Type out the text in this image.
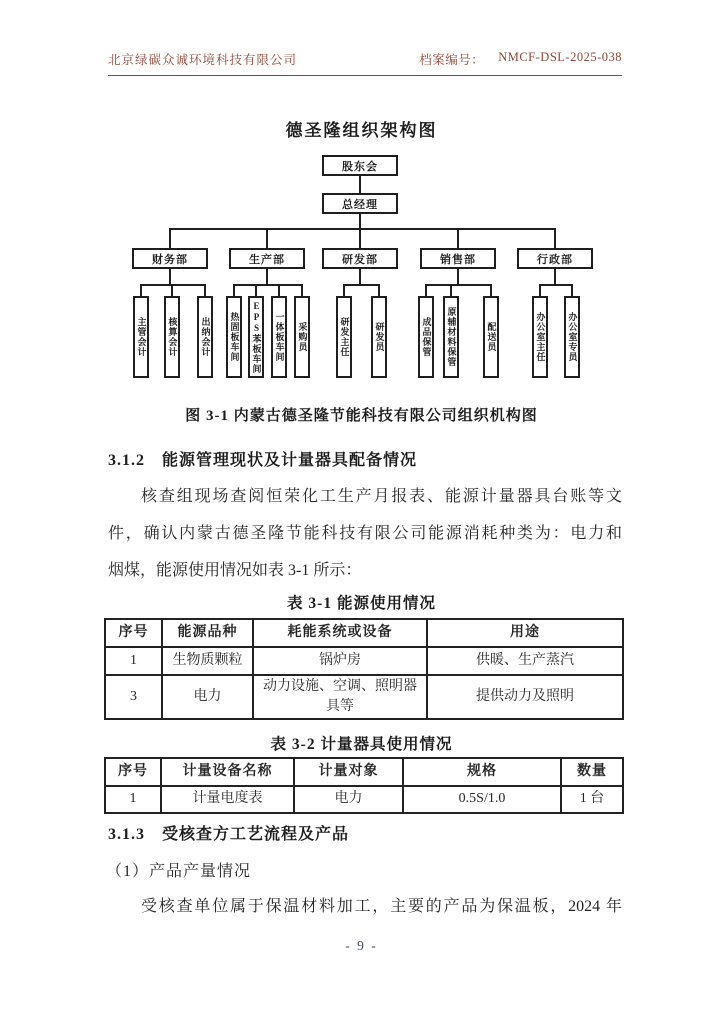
北京绿碳众诚环境科技有限公司	档案编号： NMCF-DSL-2025-038
德圣隆组织架构图
股东会
总经理
财务部	生产部	研发部	销售部	行政部
主管会计	核算会计	出纳会计	热固板车间	EPS苯板车间	一体板车间	采购员	研发主任	研发员	成品保管	原辅材料保管	配送员	办公室主任	办公室专员
图 3-1 内蒙古德圣隆节能科技有限公司组织机构图
3.1.2　能源管理现状及计量器具配备情况
核查组现场查阅恒荣化工生产月报表、能源计量器具台账等文
件，确认内蒙古德圣隆节能科技有限公司能源消耗种类为：电力和
烟煤，能源使用情况如表 3-1 所示：
表 3-1 能源使用情况
序号	能源品种	耗能系统或设备	用途
1	生物质颗粒	锅炉房	供暖、生产蒸汽
3	电力	动力设施、空调、照明器具等	提供动力及照明
表 3-2 计量器具使用情况
序号	计量设备名称	计量对象	规格	数量
1	计量电度表	电力	0.5S/1.0	1 台
3.1.3　受核查方工艺流程及产品
（1）产品产量情况
受核查单位属于保温材料加工，主要的产品为保温板，2024 年
- 9 -
